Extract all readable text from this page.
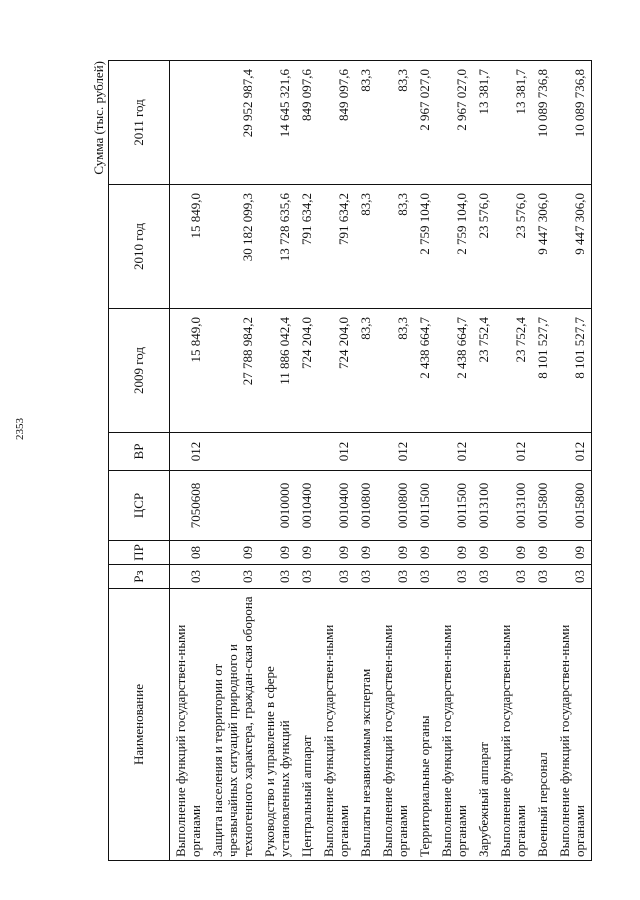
2353
Сумма (тыс. рублей)
Наименование	Рз	ПР	ЦСР	ВР	2009 год	2010 год	2011 год
Выполнение функций государствен-ными органами	03	08	7050608	012	15 849,0	15 849,0	
Защита населения и территории от чрезвычайных ситуаций природного и техногенного характера, граждан-ская оборона	03	09			27 788 984,2	30 182 099,3	29 952 987,4
Руководство и управление в сфере установленных функций	03	09	0010000		11 886 042,4	13 728 635,6	14 645 321,6
Центральный аппарат	03	09	0010400		724 204,0	791 634,2	849 097,6
Выполнение функций государствен-ными органами	03	09	0010400	012	724 204,0	791 634,2	849 097,6
Выплаты независимым экспертам	03	09	0010800		83,3	83,3	83,3
Выполнение функций государствен-ными органами	03	09	0010800	012	83,3	83,3	83,3
Территориальные органы	03	09	0011500		2 438 664,7	2 759 104,0	2 967 027,0
Выполнение функций государствен-ными органами	03	09	0011500	012	2 438 664,7	2 759 104,0	2 967 027,0
Зарубежный аппарат	03	09	0013100		23 752,4	23 576,0	13 381,7
Выполнение функций государствен-ными органами	03	09	0013100	012	23 752,4	23 576,0	13 381,7
Военный персонал	03	09	0015800		8 101 527,7	9 447 306,0	10 089 736,8
Выполнение функций государствен-ными органами	03	09	0015800	012	8 101 527,7	9 447 306,0	10 089 736,8
